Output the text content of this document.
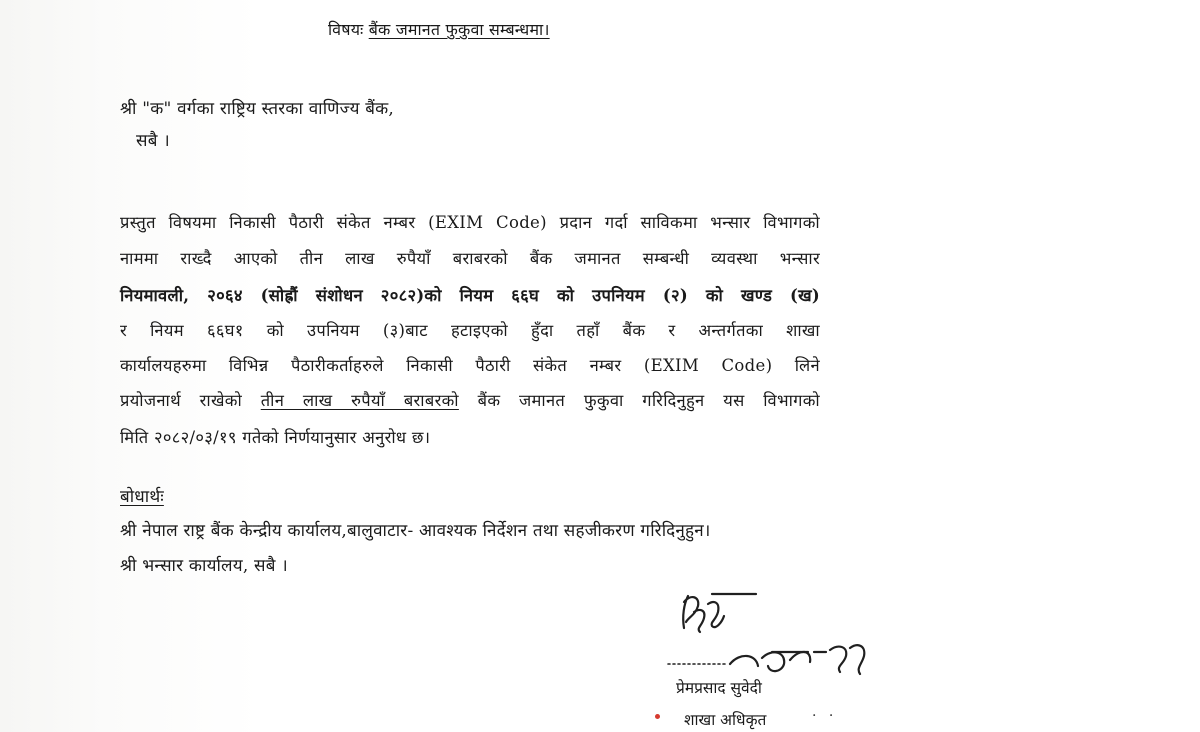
विषयः बैंक जमानत फुकुवा सम्बन्धमा।
श्री "क" वर्गका राष्ट्रिय स्तरका वाणिज्य बैंक,
सबै ।
प्रस्तुत विषयमा निकासी पैठारी संकेत नम्बर (EXIM Code) प्रदान गर्दा साविकमा भन्सार विभागको
नाममा राख्दै आएको तीन लाख रुपैयाँ बराबरको बैंक जमानत सम्बन्धी व्यवस्था भन्सार
नियमावली, २०६४ (सोह्रौं संशोधन २०८२)को नियम ६६घ को उपनियम (२) को खण्ड (ख)
र नियम ६६घ१ को उपनियम (३)बाट हटाइएको हुँदा तहाँ बैंक र अन्तर्गतका शाखा
कार्यालयहरुमा विभिन्न पैठारीकर्ताहरुले निकासी पैठारी संकेत नम्बर (EXIM Code) लिने
प्रयोजनार्थ राखेको तीन लाख रुपैयाँ बराबरको बैंक जमानत फुकुवा गरिदिनुहुन यस विभागको
मिति २०८२/०३/१९ गतेको निर्णयानुसार अनुरोध छ।
बोधार्थः
श्री नेपाल राष्ट्र बैंक केन्द्रीय कार्यालय,बालुवाटार- आवश्यक निर्देशन तथा सहजीकरण गरिदिनुहुन।
श्री भन्सार कार्यालय, सबै ।
प्रेमप्रसाद सुवेदी
शाखा अधिकृत	· ·
